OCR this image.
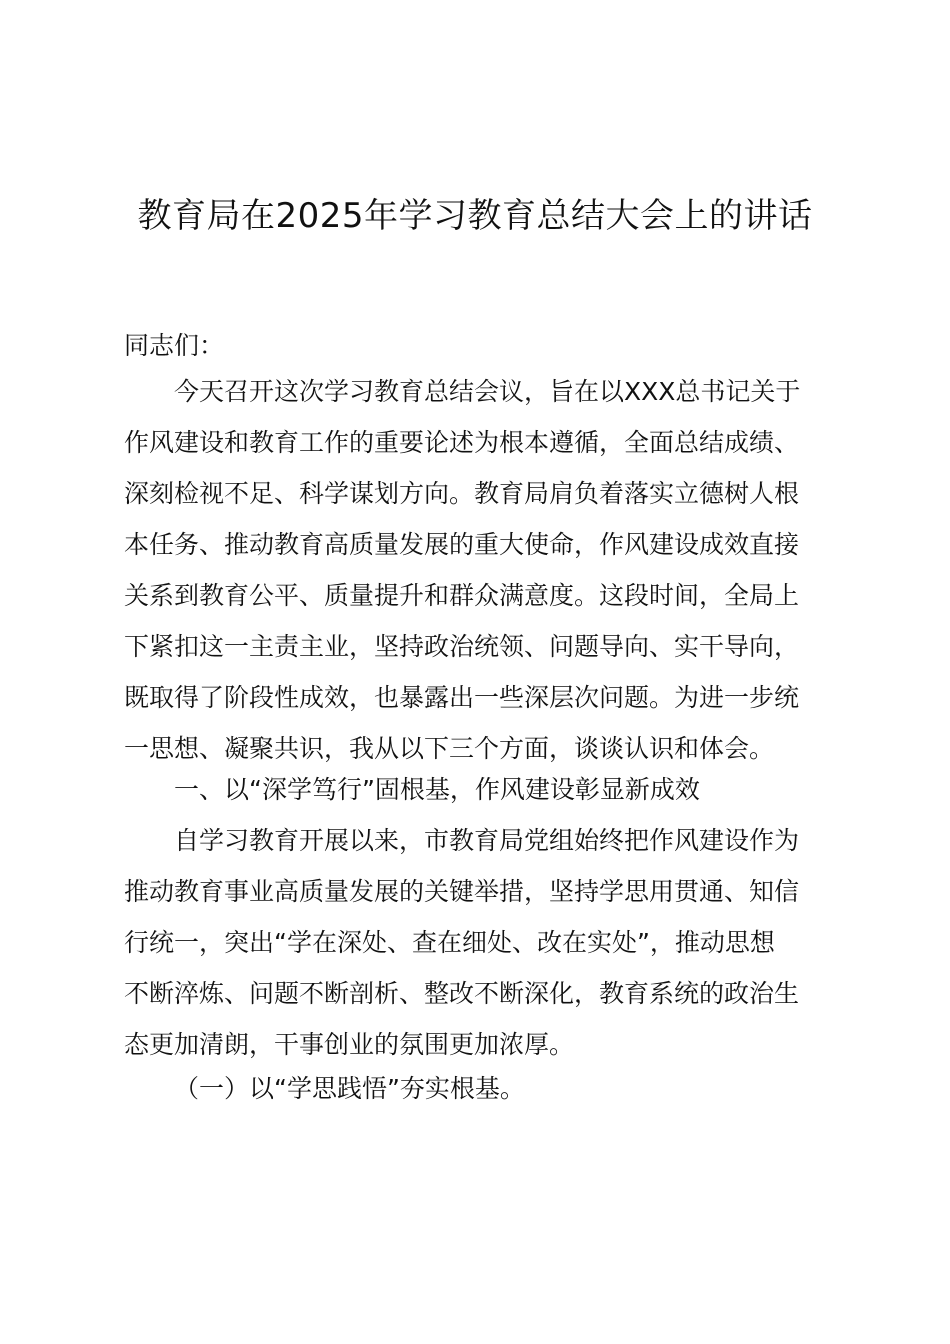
教育局在2025年学习教育总结大会上的讲话
同志们：
今天召开这次学习教育总结会议，旨在以XXX总书记关于
作风建设和教育工作的重要论述为根本遵循，全面总结成绩、
深刻检视不足、科学谋划方向。教育局肩负着落实立德树人根
本任务、推动教育高质量发展的重大使命，作风建设成效直接
关系到教育公平、质量提升和群众满意度。这段时间，全局上
下紧扣这一主责主业，坚持政治统领、问题导向、实干导向，
既取得了阶段性成效，也暴露出一些深层次问题。为进一步统
一思想、凝聚共识，我从以下三个方面，谈谈认识和体会。
一、以“深学笃行”固根基，作风建设彰显新成效
自学习教育开展以来，市教育局党组始终把作风建设作为
推动教育事业高质量发展的关键举措，坚持学思用贯通、知信
行统一，突出“学在深处、查在细处、改在实处”，推动思想
不断淬炼、问题不断剖析、整改不断深化，教育系统的政治生
态更加清朗，干事创业的氛围更加浓厚。
（一）以“学思践悟”夯实根基。
